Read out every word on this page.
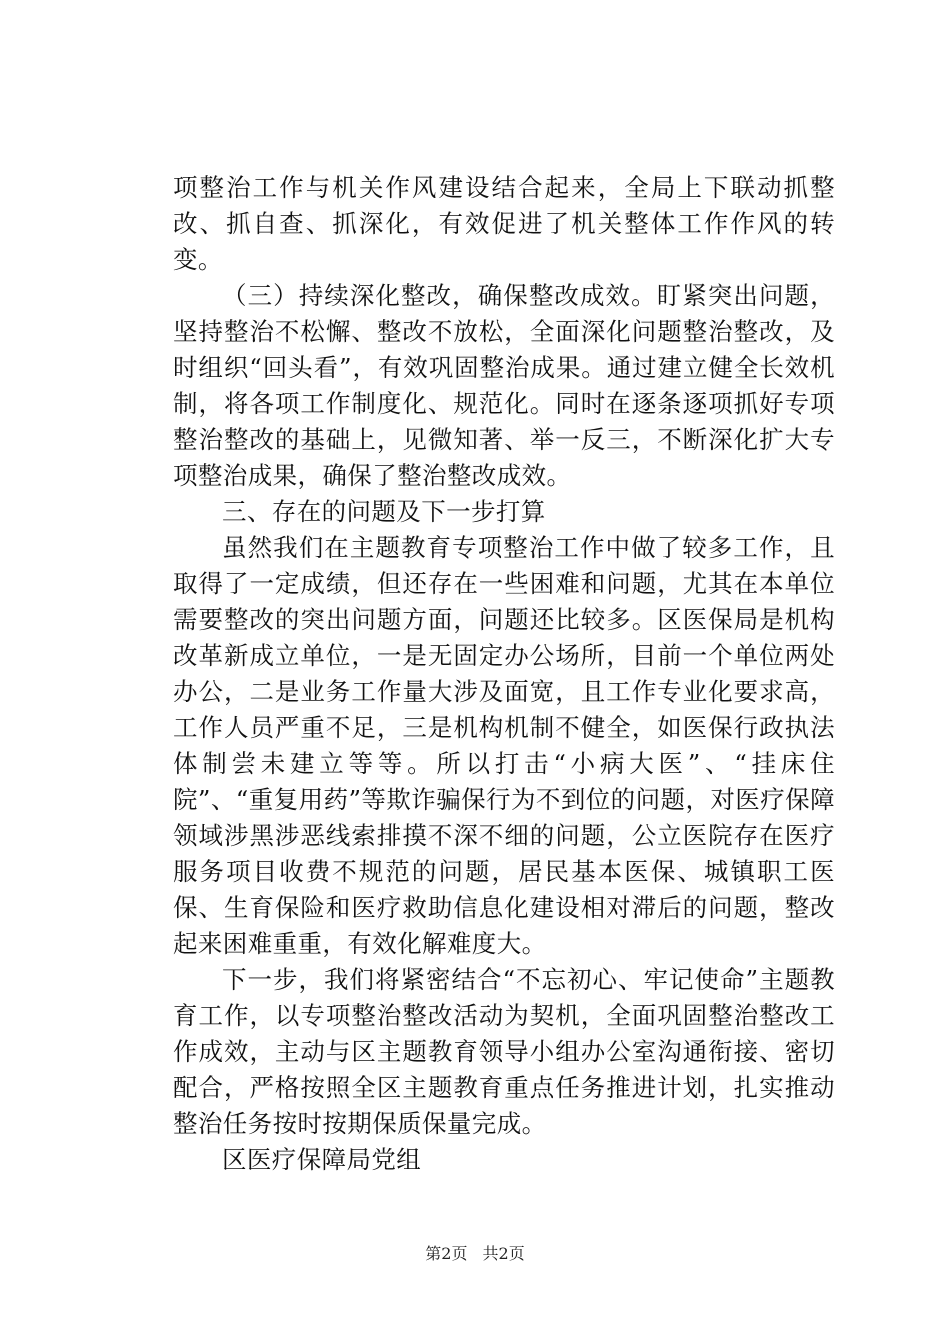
项整治工作与机关作风建设结合起来，全局上下联动抓整改、抓自查、抓深化，有效促进了机关整体工作作风的转变。

（三）持续深化整改，确保整改成效。盯紧突出问题，坚持整治不松懈、整改不放松，全面深化问题整治整改，及时组织“回头看”，有效巩固整治成果。通过建立健全长效机制，将各项工作制度化、规范化。同时在逐条逐项抓好专项整治整改的基础上，见微知著、举一反三，不断深化扩大专项整治成果，确保了整治整改成效。

三、存在的问题及下一步打算

虽然我们在主题教育专项整治工作中做了较多工作，且取得了一定成绩，但还存在一些困难和问题，尤其在本单位需要整改的突出问题方面，问题还比较多。区医保局是机构改革新成立单位，一是无固定办公场所，目前一个单位两处办公，二是业务工作量大涉及面宽，且工作专业化要求高，工作人员严重不足，三是机构机制不健全，如医保行政执法体制尝未建立等等。所以打击“小病大医”、“挂床住院”、“重复用药”等欺诈骗保行为不到位的问题，对医疗保障领域涉黑涉恶线索排摸不深不细的问题，公立医院存在医疗服务项目收费不规范的问题，居民基本医保、城镇职工医保、生育保险和医疗救助信息化建设相对滞后的问题，整改起来困难重重，有效化解难度大。

下一步，我们将紧密结合“不忘初心、牢记使命”主题教育工作，以专项整治整改活动为契机，全面巩固整治整改工作成效，主动与区主题教育领导小组办公室沟通衔接、密切配合，严格按照全区主题教育重点任务推进计划，扎实推动整治任务按时按期保质保量完成。

区医疗保障局党组

第2页 共2页
